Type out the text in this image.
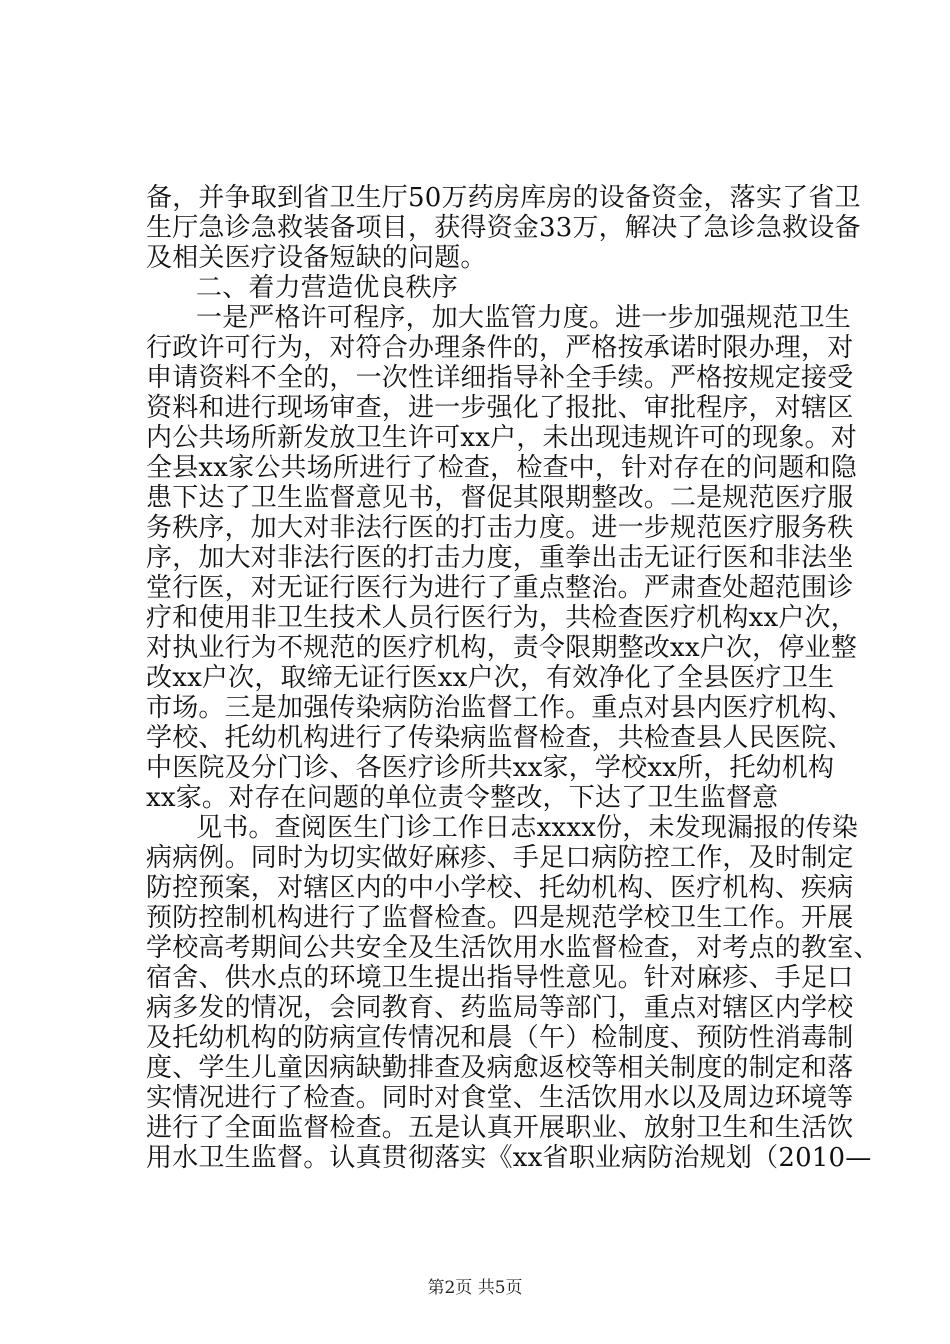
备，并争取到省卫生厅50万药房库房的设备资金，落实了省卫
生厅急诊急救装备项目，获得资金33万，解决了急诊急救设备
及相关医疗设备短缺的问题。
二、着力营造优良秩序
一是严格许可程序，加大监管力度。进一步加强规范卫生
行政许可行为，对符合办理条件的，严格按承诺时限办理，对
申请资料不全的，一次性详细指导补全手续。严格按规定接受
资料和进行现场审查，进一步强化了报批、审批程序，对辖区
内公共场所新发放卫生许可xx户，未出现违规许可的现象。对
全县xx家公共场所进行了检查，检查中，针对存在的问题和隐
患下达了卫生监督意见书，督促其限期整改。二是规范医疗服
务秩序，加大对非法行医的打击力度。进一步规范医疗服务秩
序，加大对非法行医的打击力度，重拳出击无证行医和非法坐
堂行医，对无证行医行为进行了重点整治。严肃查处超范围诊
疗和使用非卫生技术人员行医行为，共检查医疗机构xx户次，
对执业行为不规范的医疗机构，责令限期整改xx户次，停业整
改xx户次，取缔无证行医xx户次，有效净化了全县医疗卫生
市场。三是加强传染病防治监督工作。重点对县内医疗机构、
学校、托幼机构进行了传染病监督检查，共检查县人民医院、
中医院及分门诊、各医疗诊所共xx家，学校xx所，托幼机构
xx家。对存在问题的单位责令整改，下达了卫生监督意
见书。查阅医生门诊工作日志xxxx份，未发现漏报的传染
病病例。同时为切实做好麻疹、手足口病防控工作，及时制定
防控预案，对辖区内的中小学校、托幼机构、医疗机构、疾病
预防控制机构进行了监督检查。四是规范学校卫生工作。开展
学校高考期间公共安全及生活饮用水监督检查，对考点的教室、
宿舍、供水点的环境卫生提出指导性意见。针对麻疹、手足口
病多发的情况，会同教育、药监局等部门，重点对辖区内学校
及托幼机构的防病宣传情况和晨（午）检制度、预防性消毒制
度、学生儿童因病缺勤排查及病愈返校等相关制度的制定和落
实情况进行了检查。同时对食堂、生活饮用水以及周边环境等
进行了全面监督检查。五是认真开展职业、放射卫生和生活饮
用水卫生监督。认真贯彻落实《xx省职业病防治规划（2010—
第2页 共5页
